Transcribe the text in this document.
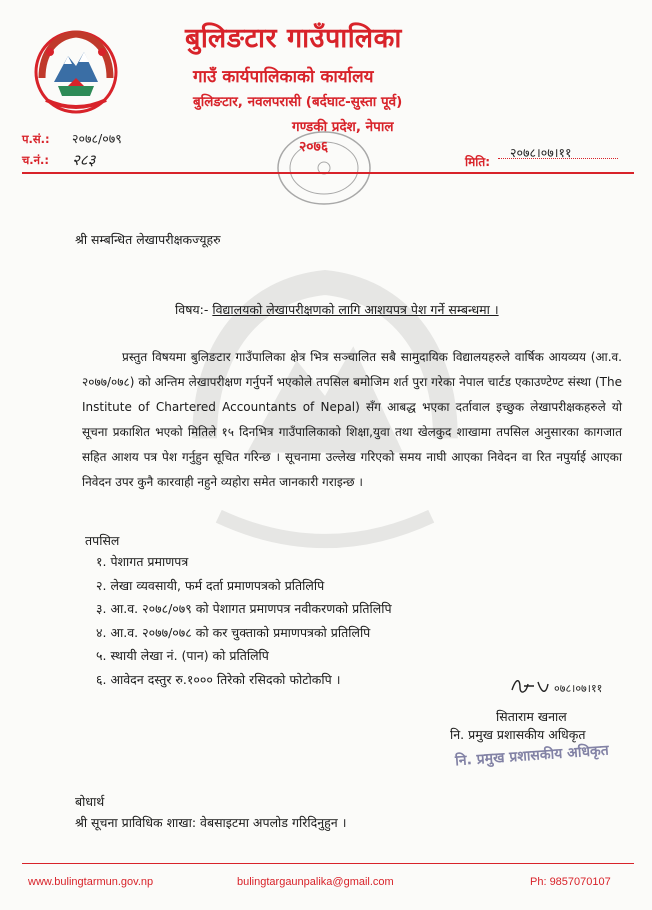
बुलिङटार गाउँपालिका
गाउँ कार्यपालिकाको कार्यालय
बुलिङटार, नवलपरासी (बर्दघाट-सुस्ता पूर्व)
गण्डकी प्रदेश, नेपाल
२०७६
प.सं.: २०७८/०७९
च.नं.: २८३	मिति:
२०७८।०७।११
श्री सम्बन्धित लेखापरीक्षकज्यूहरु
विषय:- विद्यालयको लेखापरीक्षणको लागि आशयपत्र पेश गर्ने सम्बन्धमा ।
प्रस्तुत विषयमा बुलिङटार गाउँपालिका क्षेत्र भित्र सञ्चालित सबै सामुदायिक विद्यालयहरुले वार्षिक आयव्यय (आ.व. २०७७/०७८) को अन्तिम लेखापरीक्षण गर्नुपर्ने भएकोले तपसिल बमोजिम शर्त पुरा गरेका नेपाल चार्टड एकाउण्टेण्ट संस्था (The Institute of Chartered Accountants of Nepal) सँग आबद्ध भएका दर्तावाल इच्छुक लेखापरीक्षकहरुले यो सूचना प्रकाशित भएको मितिले १५ दिनभित्र गाउँपालिकाको शिक्षा,युवा तथा खेलकुद शाखामा तपसिल अनुसारका कागजात सहित आशय पत्र पेश गर्नुहुन सूचित गरिन्छ । सूचनामा उल्लेख गरिएको समय नाघी आएका निवेदन वा रित नपुर्याई आएका निवेदन उपर कुनै कारवाही नहुने व्यहोरा समेत जानकारी गराइन्छ ।
तपसिल
१. पेशागत प्रमाणपत्र
२. लेखा व्यवसायी, फर्म दर्ता प्रमाणपत्रको प्रतिलिपि
३. आ.व. २०७८/०७९ को पेशागत प्रमाणपत्र नवीकरणको प्रतिलिपि
४. आ.व. २०७७/०७८ को कर चुक्ताको प्रमाणपत्रको प्रतिलिपि
५. स्थायी लेखा नं. (पान) को प्रतिलिपि
६. आवेदन दस्तुर रु.१००० तिरेको रसिदको फोटोकपि ।
०७८।०७।११
सिताराम खनाल
नि. प्रमुख प्रशासकीय अधिकृत
नि. प्रमुख प्रशासकीय अधिकृत
बोधार्थ
श्री सूचना प्राविधिक शाखा: वेबसाइटमा अपलोड गरिदिनुहुन ।
www.bulingtarmun.gov.np	bulingtargaunpalika@gmail.com	Ph: 9857070107
